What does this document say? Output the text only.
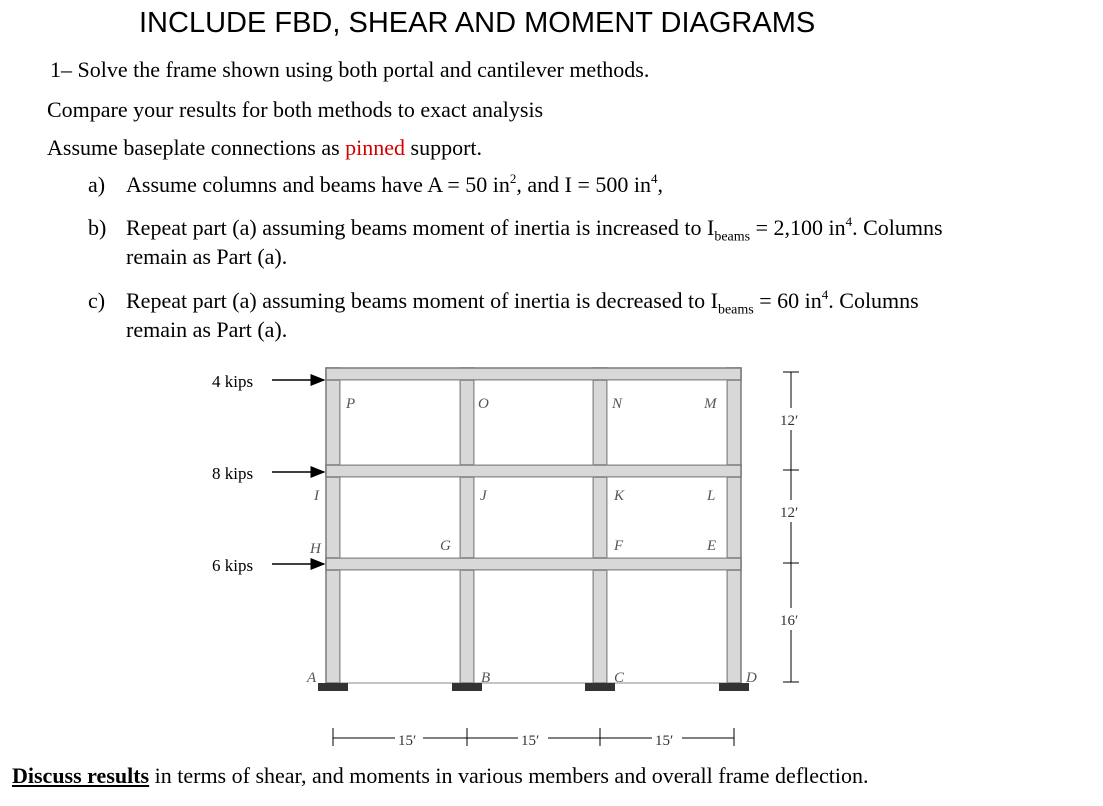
INCLUDE FBD, SHEAR AND MOMENT DIAGRAMS
1– Solve the frame shown using both portal and cantilever methods.
Compare your results for both methods to exact analysis
Assume baseplate connections as pinned support.
a) Assume columns and beams have A = 50 $in^2$, and I = 500 $in^4$,
b) Repeat part (a) assuming beams moment of inertia is increased to $I_{beams} = 2,100$ $in^4$. Columns
remain as Part (a).
c) Repeat part (a) assuming beams moment of inertia is decreased to $I_{beams} = 60$ $in^4$. Columns
remain as Part (a).
4 kips
8 kips
6 kips
P	O	N	M
I	J	K	L
H	G	F	E
A	B	C	D
12′
12′
16′
15′	15′	15′
Discuss results in terms of shear, and moments in various members and overall frame deflection.
